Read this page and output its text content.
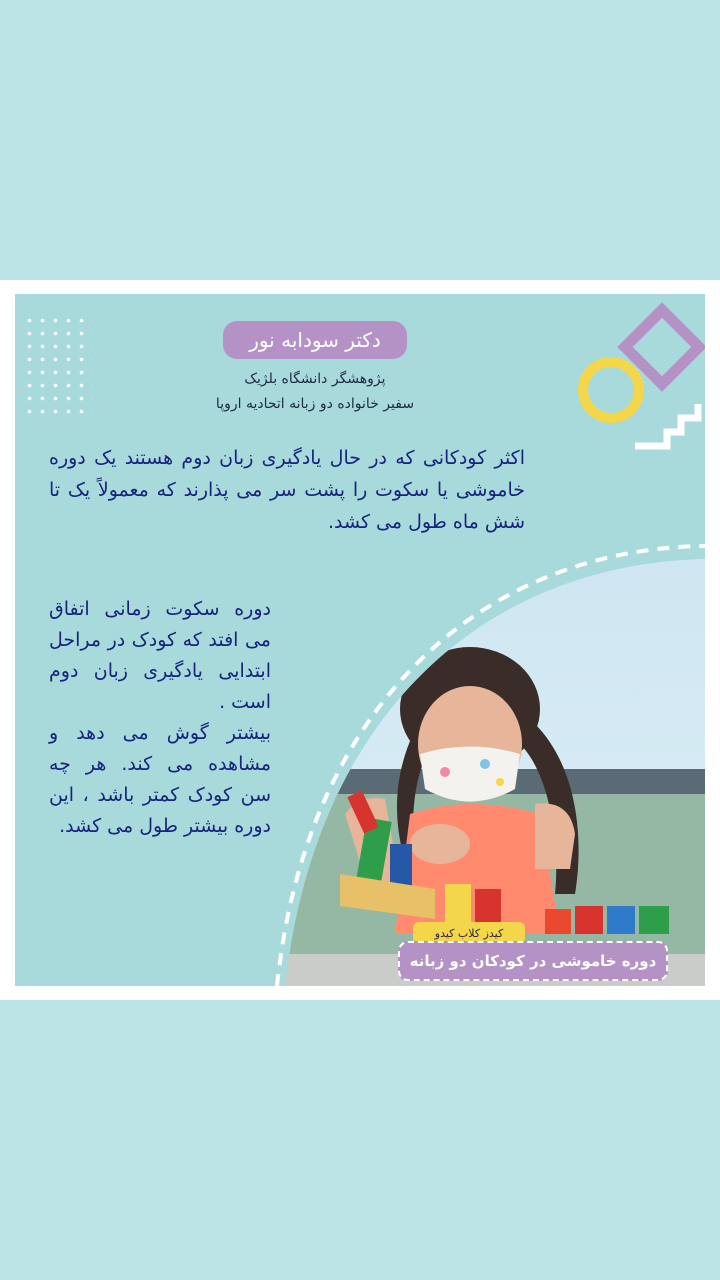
دکتر سودابه نور
پژوهشگر دانشگاه بلژیک
سفیر خانواده دو زبانه اتحادیه اروپا
اکثر کودکانی که در حال یادگیری زبان دوم هستند یک دوره خاموشی یا سکوت را پشت سر می پذارند که معمولاً یک تا شش ماه طول می کشد.
دوره سکوت زمانی اتفاق می افتد که کودک در مراحل ابتدایی یادگیری زبان دوم است .
بیشتر گوش می دهد و مشاهده می کند. هر چه سن کودک کمتر باشد ، این دوره بیشتر طول می کشد.
کیدز کلاب کیدو
دوره خاموشی در کودکان دو زبانه
